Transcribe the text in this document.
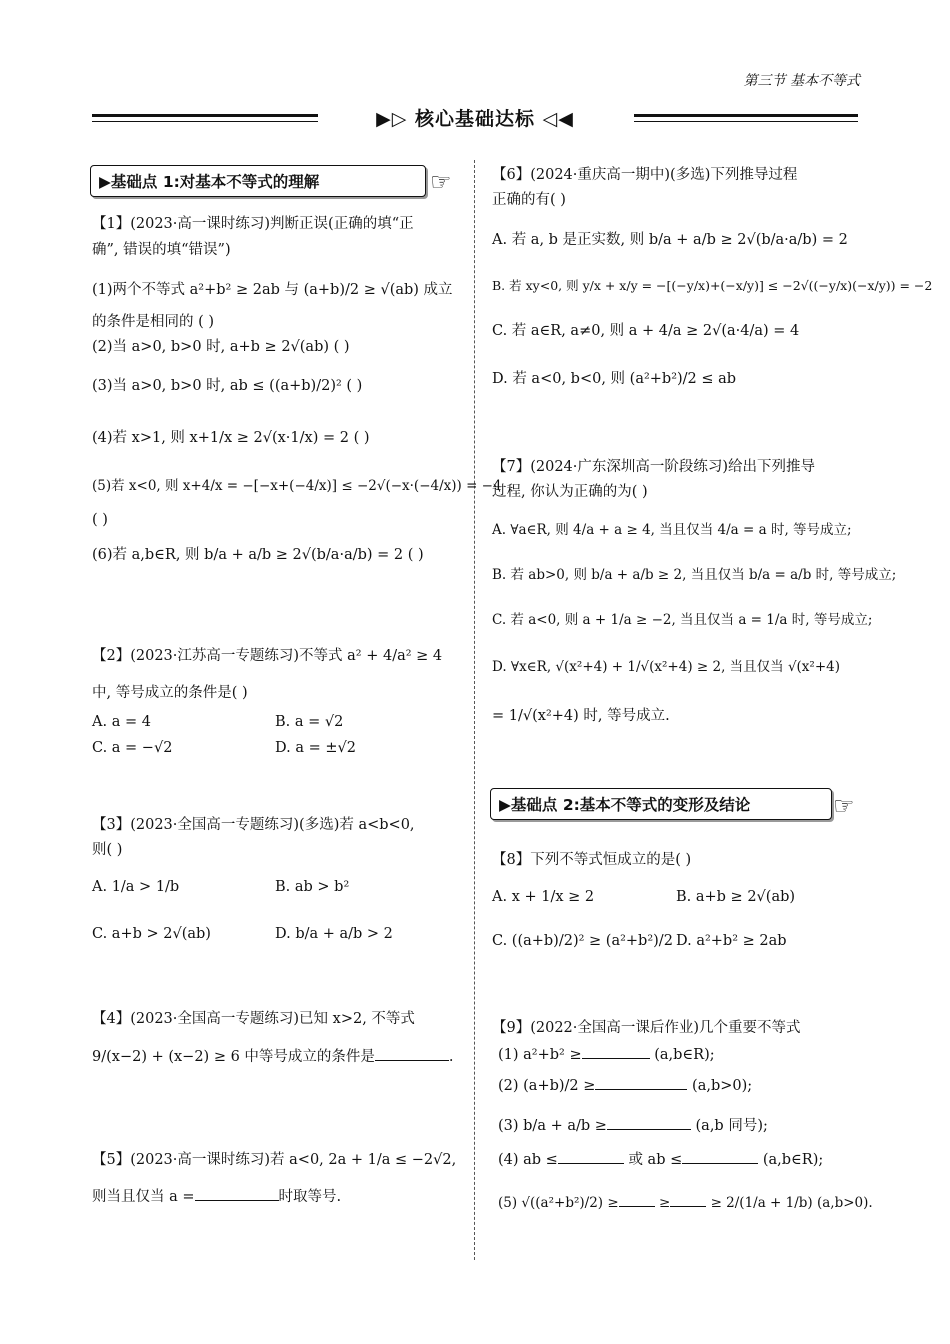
第三节 基本不等式
▶▷ 核心基础达标 ◁◀
▶基础点 1:对基本不等式的理解	☞
【1】(2023·高一课时练习)判断正误(正确的填“正
确”, 错误的填“错误”)
(1)两个不等式 a²+b² ≥ 2ab 与 (a+b)/2 ≥ √(ab) 成立
的条件是相同的 ( )
(2)当 a>0, b>0 时, a+b ≥ 2√(ab) ( )
(3)当 a>0, b>0 时, ab ≤ ((a+b)/2)² ( )
(4)若 x>1, 则 x+1/x ≥ 2√(x·1/x) = 2 ( )
(5)若 x<0, 则 x+4/x = −[−x+(−4/x)] ≤ −2√(−x·(−4/x)) = −4
( )
(6)若 a,b∈R, 则 b/a + a/b ≥ 2√(b/a·a/b) = 2 ( )
【2】(2023·江苏高一专题练习)不等式 a² + 4/a² ≥ 4
中, 等号成立的条件是( )
A. a = 4	B. a = √2
C. a = −√2	D. a = ±√2
【3】(2023·全国高一专题练习)(多选)若 a<b<0,
则( )
A. 1/a > 1/b	B. ab > b²
C. a+b > 2√(ab)	D. b/a + a/b > 2
【4】(2023·全国高一专题练习)已知 x>2, 不等式
9/(x−2) + (x−2) ≥ 6 中等号成立的条件是	.
【5】(2023·高一课时练习)若 a<0, 2a + 1/a ≤ −2√2,
则当且仅当 a =	时取等号.
【6】(2024·重庆高一期中)(多选)下列推导过程
正确的有( )
A. 若 a, b 是正实数, 则 b/a + a/b ≥ 2√(b/a·a/b) = 2
B. 若 xy<0, 则 y/x + x/y = −[(−y/x)+(−x/y)] ≤ −2√((−y/x)(−x/y)) = −2
C. 若 a∈R, a≠0, 则 a + 4/a ≥ 2√(a·4/a) = 4
D. 若 a<0, b<0, 则 (a²+b²)/2 ≤ ab
【7】(2024·广东深圳高一阶段练习)给出下列推导
过程, 你认为正确的为( )
A. ∀a∈R, 则 4/a + a ≥ 4, 当且仅当 4/a = a 时, 等号成立;
B. 若 ab>0, 则 b/a + a/b ≥ 2, 当且仅当 b/a = a/b 时, 等号成立;
C. 若 a<0, 则 a + 1/a ≥ −2, 当且仅当 a = 1/a 时, 等号成立;
D. ∀x∈R, √(x²+4) + 1/√(x²+4) ≥ 2, 当且仅当 √(x²+4)
= 1/√(x²+4) 时, 等号成立.
▶基础点 2:基本不等式的变形及结论	☞
【8】下列不等式恒成立的是( )
A. x + 1/x ≥ 2	B. a+b ≥ 2√(ab)
C. ((a+b)/2)² ≥ (a²+b²)/2 D. a²+b² ≥ 2ab
【9】(2022·全国高一课后作业)几个重要不等式
(1) a²+b² ≥	(a,b∈R);
(2) (a+b)/2 ≥	(a,b>0);
(3) b/a + a/b ≥	(a,b 同号);
(4) ab ≤	或 ab ≤	(a,b∈R);
(5) √((a²+b²)/2) ≥	≥	≥ 2/(1/a + 1/b) (a,b>0).
